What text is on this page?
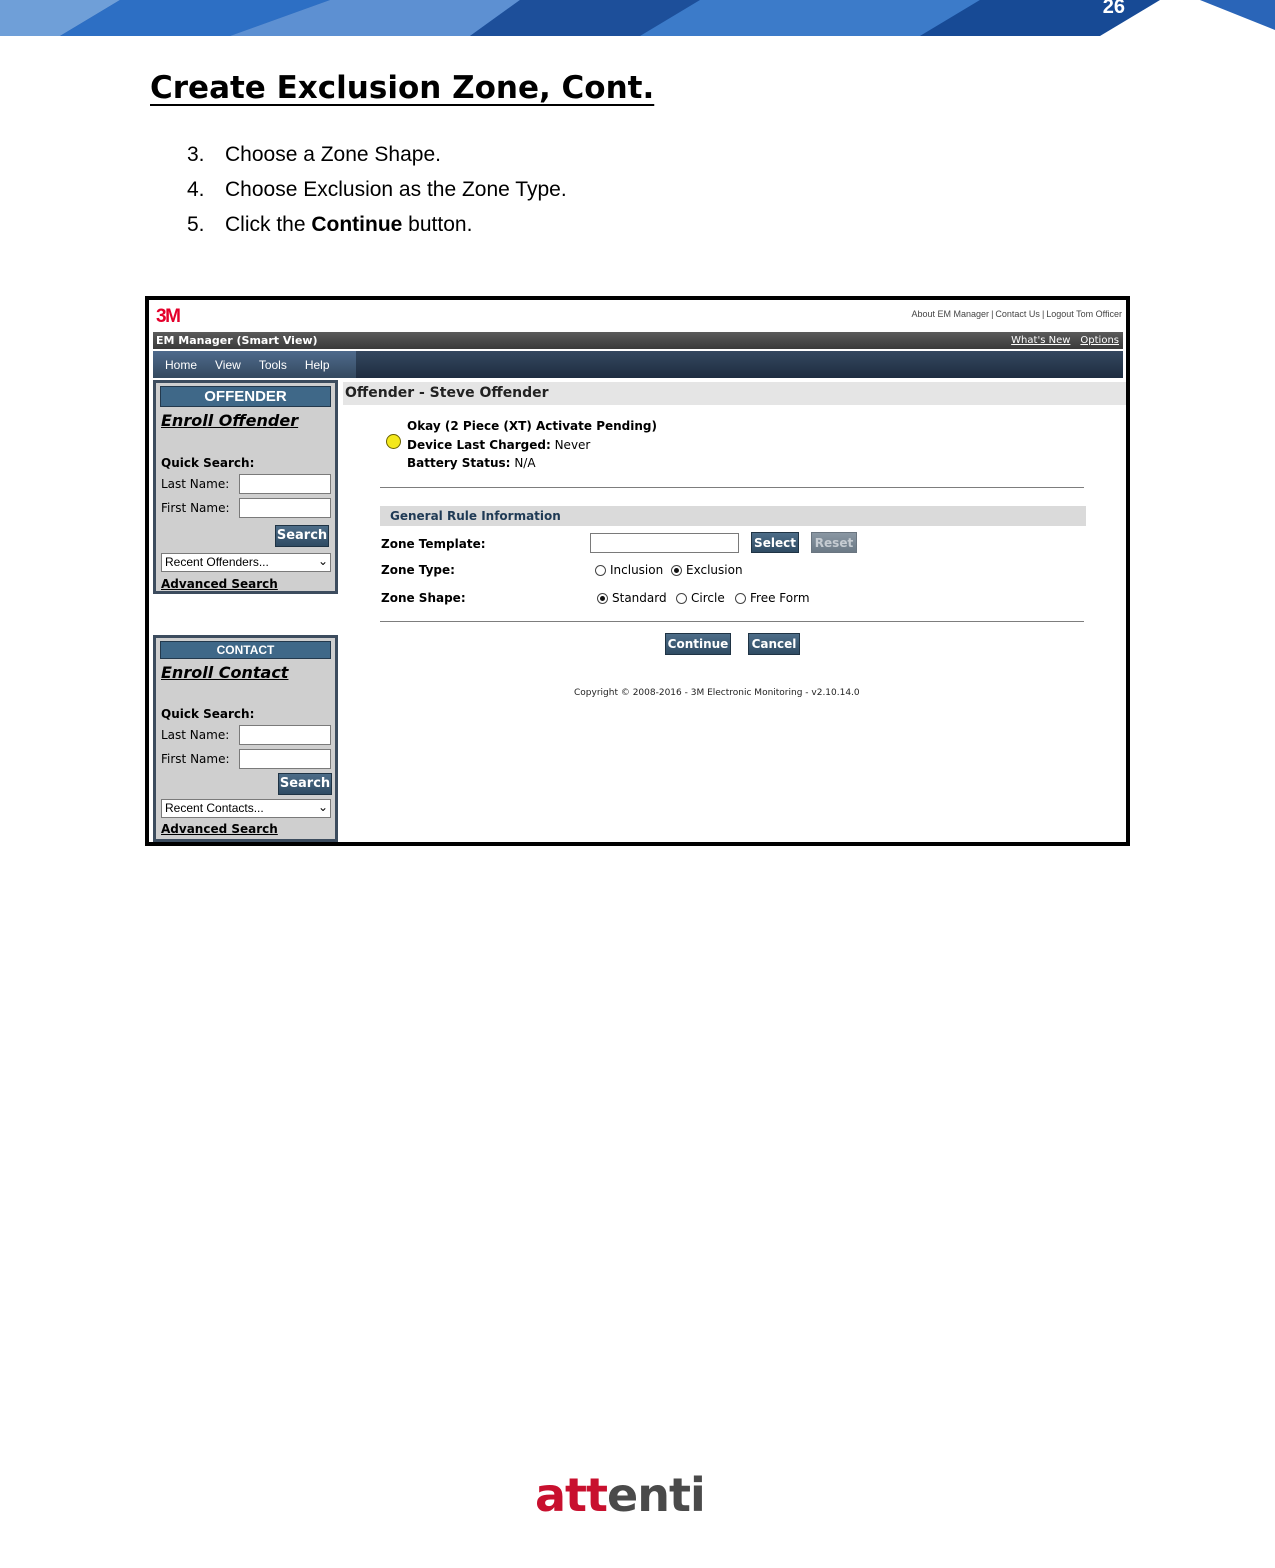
26
Create Exclusion Zone, Cont.
3. Choose a Zone Shape.
4. Choose Exclusion as the Zone Type.
5. Click the Continue button.
3M	About EM Manager | Contact Us | Logout Tom Officer
EM Manager (Smart View)	What's New Options
Home View Tools Help
OFFENDER
Enroll Offender
Quick Search:
Last Name:
First Name:
Search
Recent Offenders...	⌄
Advanced Search
CONTACT
Enroll Contact
Quick Search:
Last Name:
First Name:
Search
Recent Contacts...	⌄
Advanced Search
Offender - Steve Offender
Okay (2 Piece (XT) Activate Pending)
Device Last Charged: Never
Battery Status: N/A
General Rule Information
Zone Template:	Select	Reset
Zone Type:	Inclusion Exclusion
Zone Shape:	Standard Circle Free Form
Continue Cancel
Copyright © 2008-2016 - 3M Electronic Monitoring - v2.10.14.0
attenti
